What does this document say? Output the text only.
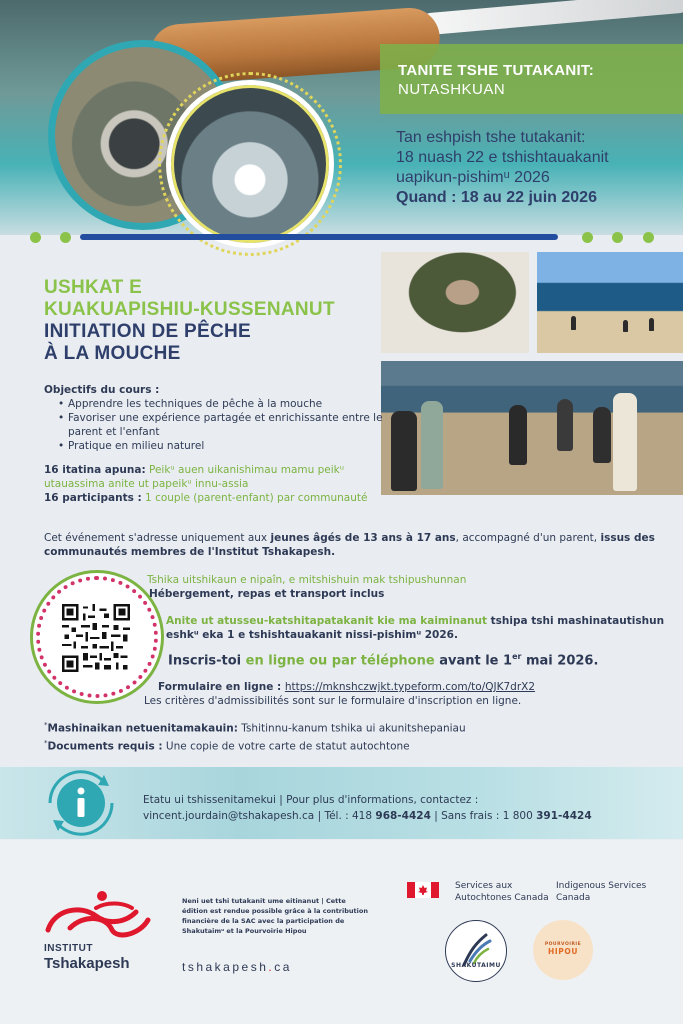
TANITE TSHE TUTAKANIT:
NUTASHKUAN
Tan eshpish tshe tutakanit:
18 nuash 22 e tshishtauakanit
uapikun-pishimᵘ 2026
Quand : 18 au 22 juin 2026
USHKAT E
KUAKUAPISHIU-KUSSENANUT
INITIATION DE PÊCHE
À LA MOUCHE
Objectifs du cours :
• Apprendre les techniques de pêche à la mouche
• Favoriser une expérience partagée et enrichissante entre le parent et l'enfant
• Pratique en milieu naturel
16 itatina apuna: Peikᵘ auen uikanishimau mamu peikᵘ utauassima anite ut papeikᵘ innu-assia
16 participants : 1 couple (parent-enfant) par communauté
Cet événement s'adresse uniquement aux jeunes âgés de 13 ans à 17 ans, accompagné d'un parent, issus des communautés membres de l'Institut Tshakapesh.
Tshika uitshikaun e nipaîn, e mitshishuin mak tshipushunnan
Hébergement, repas et transport inclus
Anite ut atusseu-katshitapatakanit kie ma kaiminanut tshipa tshi mashinatautishun
eshkᵘ eka 1 e tshishtauakanit nissi-pishimᵘ 2026.
Inscris-toi en ligne ou par téléphone avant le 1er mai 2026.
Formulaire en ligne : https://mknshczwjkt.typeform.com/to/QJK7drX2
Les critères d'admissibilités sont sur le formulaire d'inscription en ligne.
*Mashinaikan netuenitamakauin: Tshitinnu-kanum tshika ui akunitshepaniau
*Documents requis : Une copie de votre carte de statut autochtone
Etatu ui tshissenitamekui | Pour plus d'informations, contactez :
vincent.jourdain@tshakapesh.ca | Tél. : 418 968-4424 | Sans frais : 1 800 391-4424
INSTITUT
Tshakapesh
Neni uet tshi tutakanit ume eitinanut | Cette édition est rendue possible grâce à la contribution financière de la SAC avec la participation de Shakutaimᵘ et la Pourvoirie Hipou
tshakapesh.ca
Services aux Autochtones Canada
Indigenous Services Canada
SHAKUTAIMU
POURVOIRIE
HIPOU
